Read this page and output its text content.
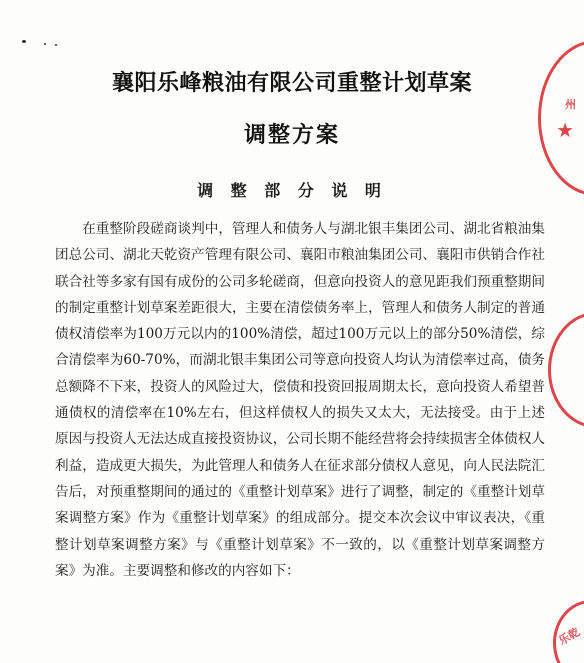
襄阳乐峰粮油有限公司重整计划草案
调整方案
调 整 部 分 说 明

在重整阶段磋商谈判中，管理人和债务人与湖北银丰集团公司、湖北省粮油集团总公司、湖北天乾资产管理有限公司、襄阳市粮油集团公司、襄阳市供销合作社联合社等多家有国有成份的公司多轮磋商，但意向投资人的意见距我们预重整期间的制定重整计划草案差距很大，主要在清偿债务率上，管理人和债务人制定的普通债权清偿率为100万元以内的100%清偿，超过100万元以上的部分50%清偿，综合清偿率为60-70%，而湖北银丰集团公司等意向投资人均认为清偿率过高，债务总额降不下来，投资人的风险过大，偿债和投资回报周期太长，意向投资人希望普通债权的清偿率在10%左右，但这样债权人的损失又太大，无法接受。由于上述原因与投资人无法达成直接投资协议，公司长期不能经营将会持续损害全体债权人利益，造成更大损失，为此管理人和债务人在征求部分债权人意见，向人民法院汇告后，对预重整期间的通过的《重整计划草案》进行了调整，制定的《重整计划草案调整方案》作为《重整计划草案》的组成部分。提交本次会议中审议表决，《重整计划草案调整方案》与《重整计划草案》不一致的，以《重整计划草案调整方案》为准。主要调整和修改的内容如下：

州
★
乐乾
